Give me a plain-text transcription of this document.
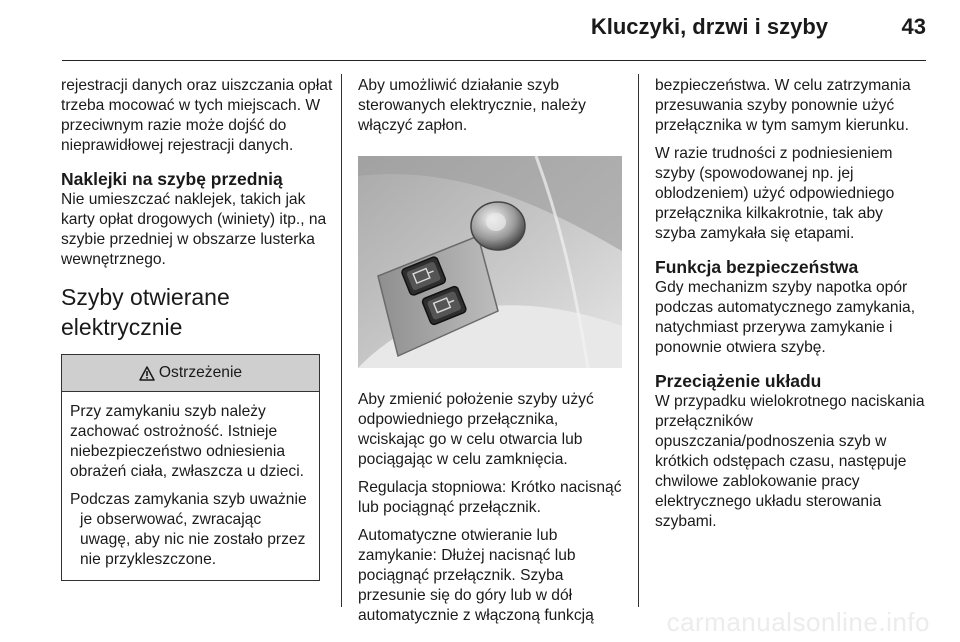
Kluczyki, drzwi i szyby	43

rejestracji danych oraz uiszczania opłat trzeba mocować w tych miejscach. W przeciwnym razie może dojść do nieprawidłowej rejestracji danych.

Naklejki na szybę przednią

Nie umieszczać naklejek, takich jak karty opłat drogowych (winiety) itp., na szybie przedniej w obszarze lusterka wewnętrznego.

Szyby otwierane elektrycznie
Ostrzeżenie

Przy zamykaniu szyb należy zachować ostrożność. Istnieje niebezpieczeństwo odniesienia obrażeń ciała, zwłaszcza u dzieci.

Podczas zamykania szyb uważnie je obserwować, zwracając uwagę, aby nic nie zostało przez nie przykleszczone.

Aby umożliwić działanie szyb sterowanych elektrycznie, należy włączyć zapłon.

Aby zmienić położenie szyby użyć odpowiedniego przełącznika, wciskając go w celu otwarcia lub pociągając w celu zamknięcia.

Regulacja stopniowa: Krótko nacisnąć lub pociągnąć przełącznik.

Automatyczne otwieranie lub zamykanie: Dłużej nacisnąć lub pociągnąć przełącznik. Szyba przesunie się do góry lub w dół automatycznie z włączoną funkcją

bezpieczeństwa. W celu zatrzymania przesuwania szyby ponownie użyć przełącznika w tym samym kierunku.

W razie trudności z podniesieniem szyby (spowodowanej np. jej oblodzeniem) użyć odpowiedniego przełącznika kilkakrotnie, tak aby szyba zamykała się etapami.

Funkcja bezpieczeństwa

Gdy mechanizm szyby napotka opór podczas automatycznego zamykania, natychmiast przerywa zamykanie i ponownie otwiera szybę.

Przeciążenie układu

W przypadku wielokrotnego naciskania przełączników opuszczania/podnoszenia szyb w krótkich odstępach czasu, następuje chwilowe zablokowanie pracy elektrycznego układu sterowania szybami.

carmanualsonline.info
